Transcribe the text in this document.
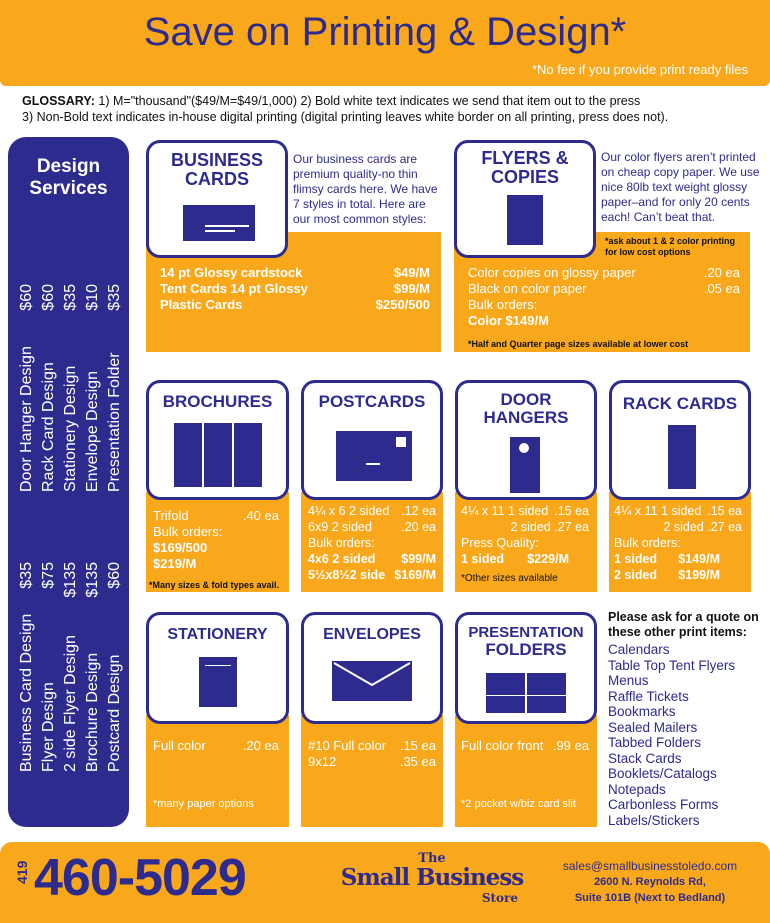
Save on Printing & Design*
*No fee if you provide print ready files
GLOSSARY: 1) M="thousand"($49/M=$49/1,000) 2) Bold white text indicates we send that item out to the press
3) Non-Bold text indicates in-house digital printing (digital printing leaves white border on all printing, press does not).
Design
Services
Door Hanger Design
$60
Rack Card Design
$60
Stationery Design
$35
Envelope Design
$10
Presentation Folder
$35
Business Card Design
$35
Flyer Design
$75
2 side Flyer Design
$135
Brochure Design
$135
Postcard Design
$60
BUSINESS
CARDS
Our business cards are
premium quality-no thin
flimsy cards here. We have
7 styles in total. Here are
our most common styles:
14 pt Glossy cardstock	$49/M
Tent Cards 14 pt Glossy	$99/M
Plastic Cards	$250/500
FLYERS &
COPIES
Our color flyers aren’t printed
on cheap copy paper. We use
nice 80lb text weight glossy
paper–and for only 20 cents
each! Can’t beat that.
*ask about 1 & 2 color printing
for low cost options
Color copies on glossy paper	.20 ea
Black on color paper	.05 ea
Bulk orders:
Color $149/M
*Half and Quarter page sizes available at lower cost
BROCHURES
Trifold	.40 ea
Bulk orders:
$169/500
$219/M
*Many sizes & fold types avail.
POSTCARDS
4¼ x 6 2 sided .12 ea
6x9 2 sided .20 ea
Bulk orders:
4x6 2 sided $99/M
5½x8½2 side $169/M
DOOR
HANGERS
4¼ x 11 1 sided .15 ea
2 sided .27 ea
Press Quality:
1 sided $229/M
*Other sizes available
RACK CARDS
4¼ x 11 1 sided .15 ea
2 sided .27 ea
Bulk orders:
1 sided $149/M
2 sided $199/M
STATIONERY
Full color	.20 ea
*many paper options
ENVELOPES
#10 Full color .15 ea
9x12	.35 ea
PRESENTATION
FOLDERS
Full color front .99 ea
*2 pocket w/biz card slit
Please ask for a quote on
these other print items:
Calendars
Table Top Tent Flyers
Menus
Raffle Tickets
Bookmarks
Sealed Mailers
Tabbed Folders
Stack Cards
Booklets/Catalogs
Notepads
Carbonless Forms
Labels/Stickers
419 460-5029	The
Small Business
Store
sales@smallbusinesstoledo.com
2600 N. Reynolds Rd,
Suite 101B (Next to Bedland)
